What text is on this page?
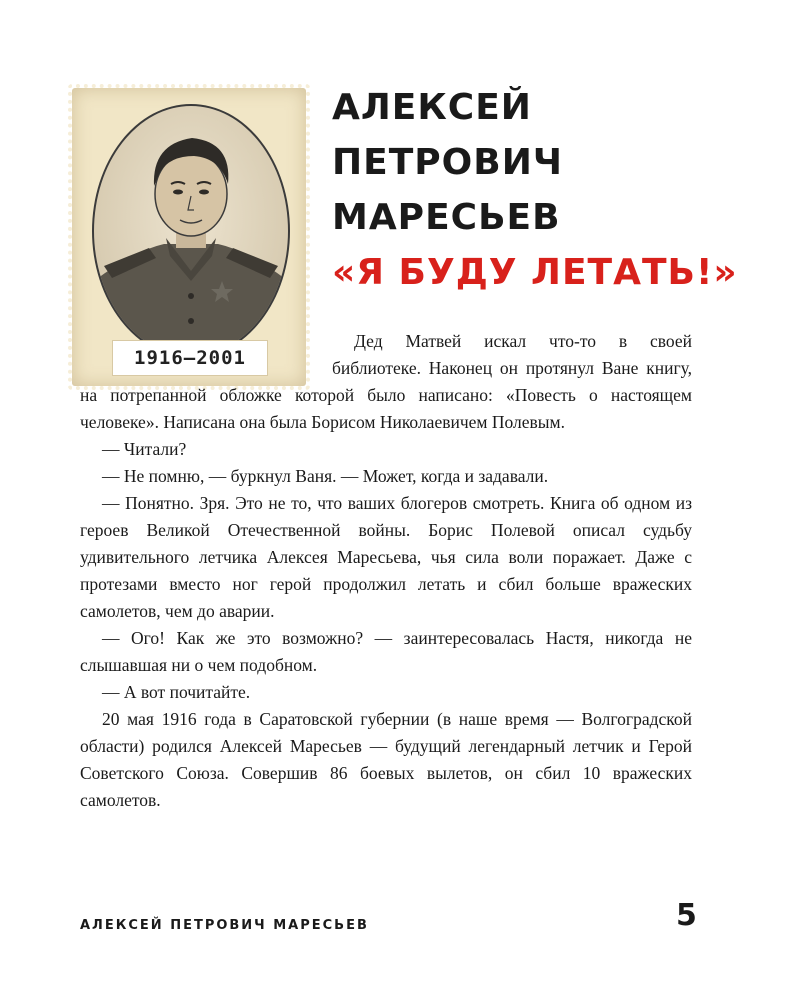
1916–2001
АЛЕКСЕЙ
ПЕТРОВИЧ
МАРЕСЬЕВ
«Я БУДУ ЛЕТАТЬ!»

Дед Матвей искал что-то в своей библиотеке. Наконец он протянул Ване книгу, на потрепанной обложке которой было написано: «Повесть о настоящем человеке». Написана она была Борисом Николаевичем Полевым.

— Читали?

— Не помню, — буркнул Ваня. — Может, когда и задавали.

— Понятно. Зря. Это не то, что ваших блогеров смотреть. Книга об одном из героев Великой Отечественной войны. Борис Полевой описал судьбу удивительного летчика Алексея Маресьева, чья сила воли поражает. Даже с протезами вместо ног герой продолжил летать и сбил больше вражеских самолетов, чем до аварии.

— Ого! Как же это возможно? — заинтересовалась Настя, никогда не слышавшая ни о чем подобном.

— А вот почитайте.

20 мая 1916 года в Саратовской губернии (в наше время — Волгоградской области) родился Алексей Маресьев — будущий легендарный летчик и Герой Советского Союза. Совершив 86 боевых вылетов, он сбил 10 вражеских самолетов.

АЛЕКСЕЙ ПЕТРОВИЧ МАРЕСЬЕВ	5
